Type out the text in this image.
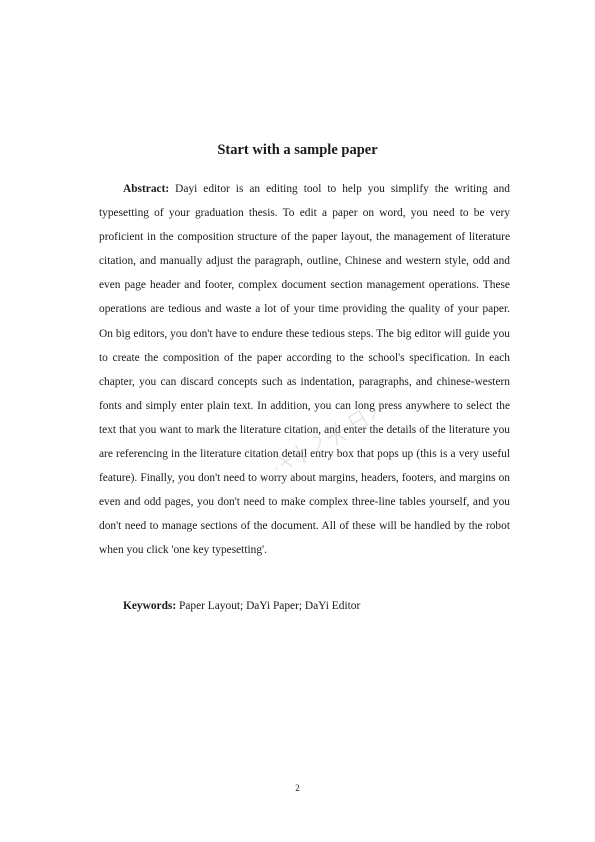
Start with a sample paper

Abstract: Dayi editor is an editing tool to help you simplify the writing and typesetting of your graduation thesis. To edit a paper on word, you need to be very proficient in the composition structure of the paper layout, the management of literature citation, and manually adjust the paragraph, outline, Chinese and western style, odd and even page header and footer, complex document section management operations. These operations are tedious and waste a lot of your time providing the quality of your paper. On big editors, you don't have to endure these tedious steps. The big editor will guide you to create the composition of the paper according to the school's specification. In each chapter, you can discard concepts such as indentation, paragraphs, and chinese-western fonts and simply enter plain text. In addition, you can long press anywhere to select the text that you want to mark the literature citation, and enter the details of the literature you are referencing in the literature citation detail entry box that pops up (this is a very useful feature). Finally, you don't need to worry about margins, headers, footers, and margins on even and odd pages, you don't need to make complex three-line tables yourself, and you don't need to manage sections of the document. All of these will be handled by the robot when you click 'one key typesetting'.

Keywords: Paper Layout; DaYi Paper; DaYi Editor

2
